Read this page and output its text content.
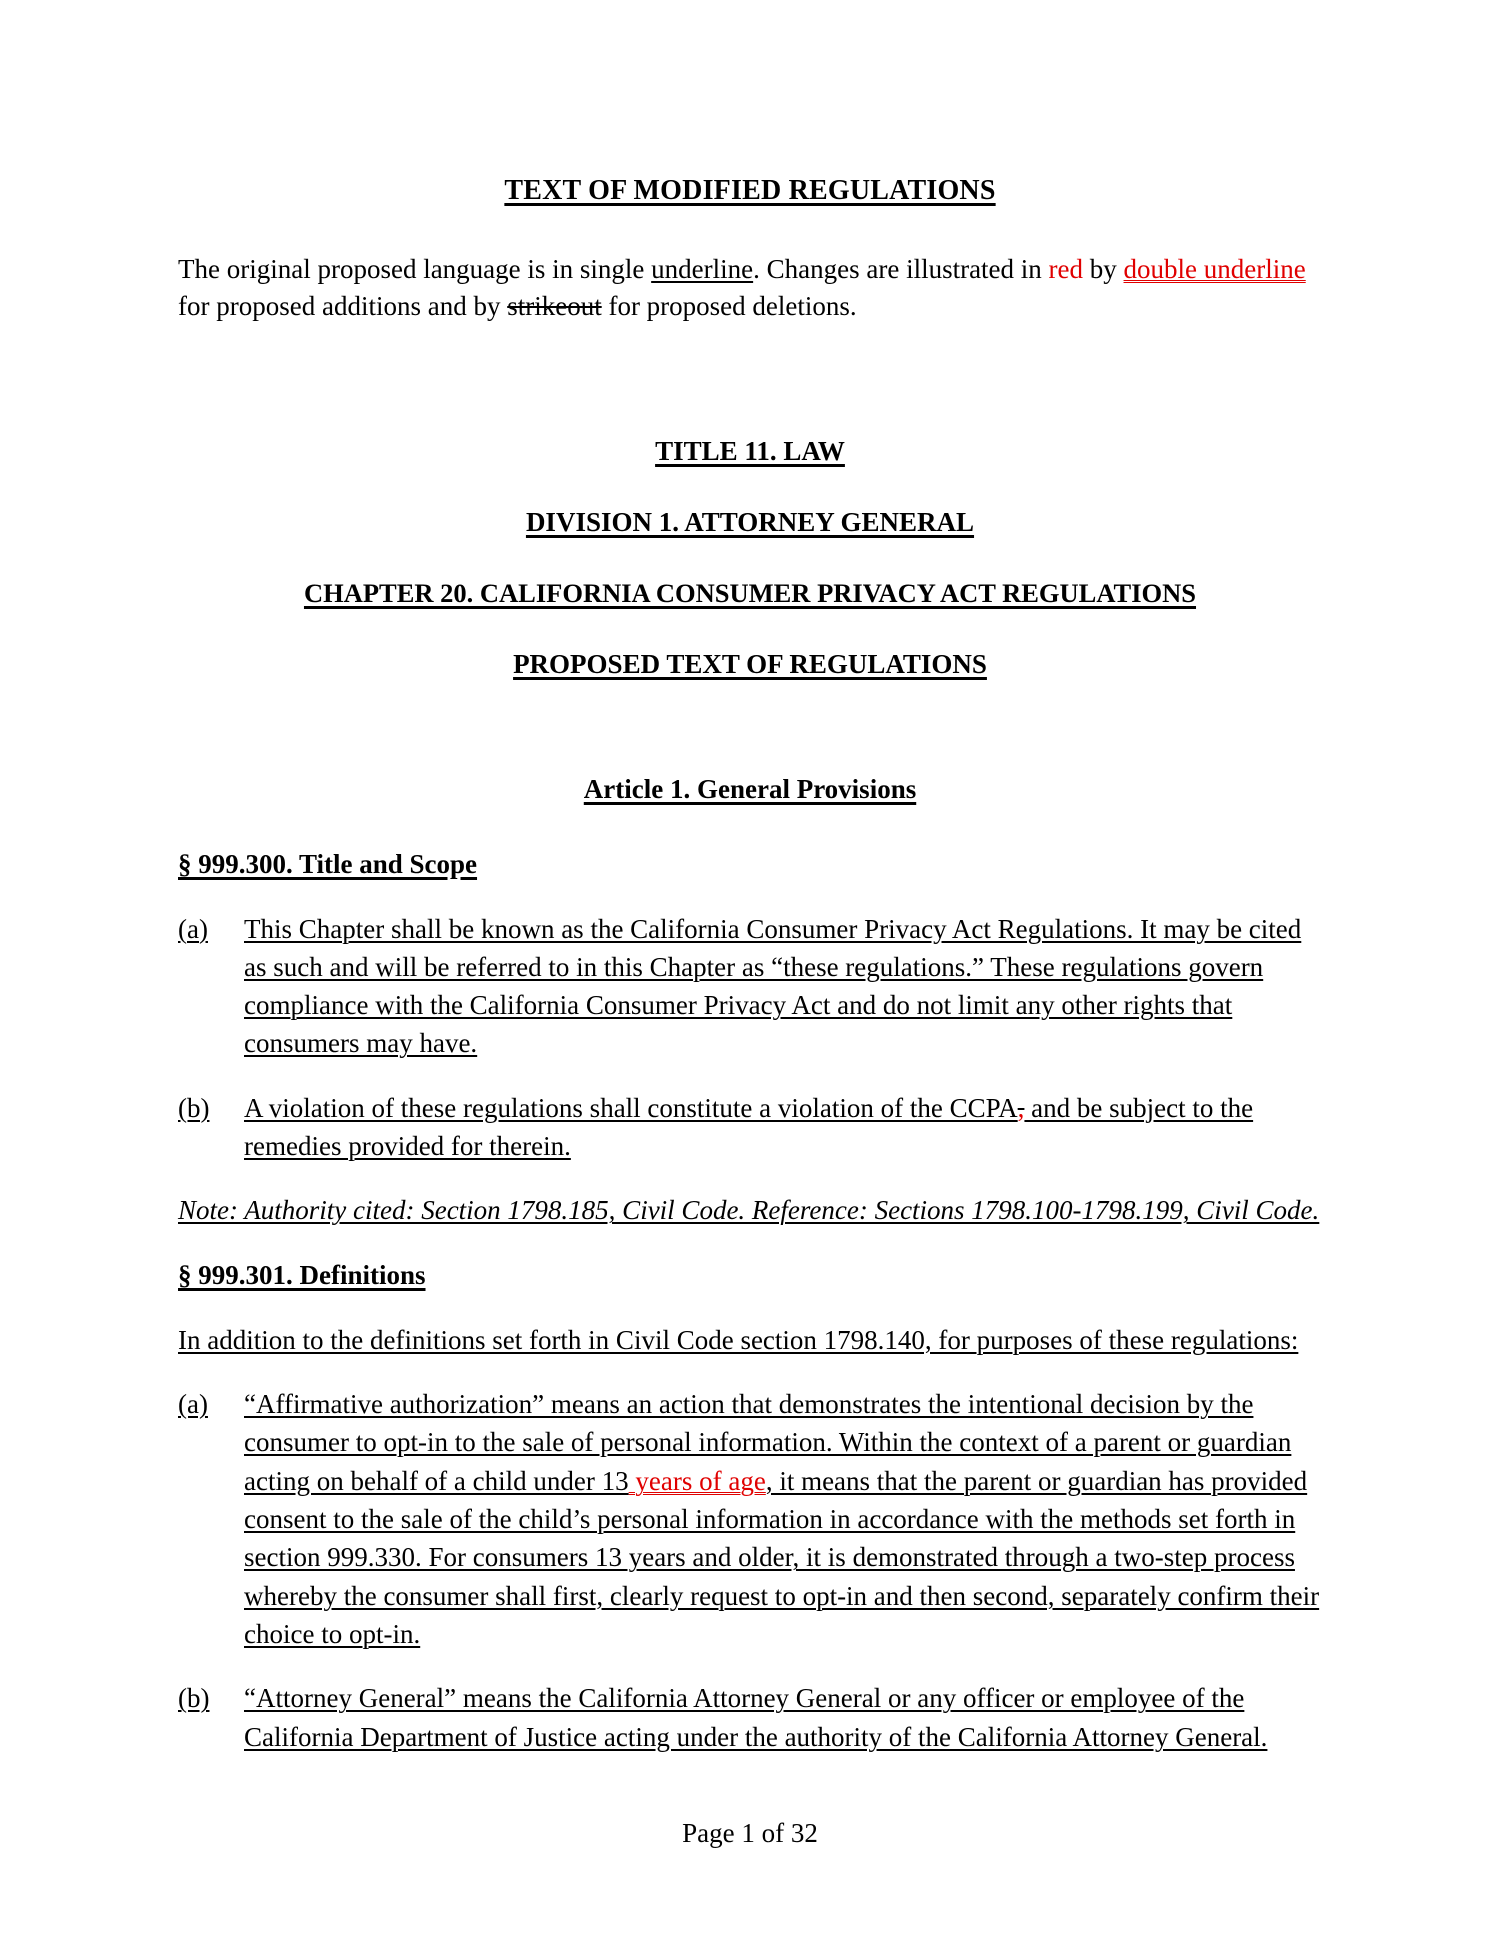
TEXT OF MODIFIED REGULATIONS

The original proposed language is in single underline. Changes are illustrated in red by double underline for proposed additions and by strikeout for proposed deletions.

TITLE 11. LAW
DIVISION 1. ATTORNEY GENERAL
CHAPTER 20. CALIFORNIA CONSUMER PRIVACY ACT REGULATIONS
PROPOSED TEXT OF REGULATIONS
Article 1. General Provisions
§ 999.300. Title and Scope

(a) This Chapter shall be known as the California Consumer Privacy Act Regulations. It may be cited as such and will be referred to in this Chapter as “these regulations.” These regulations govern compliance with the California Consumer Privacy Act and do not limit any other rights that consumers may have.

(b) A violation of these regulations shall constitute a violation of the CCPA, and be subject to the remedies provided for therein.

Note: Authority cited: Section 1798.185, Civil Code. Reference: Sections 1798.100-1798.199, Civil Code.

§ 999.301. Definitions

In addition to the definitions set forth in Civil Code section 1798.140, for purposes of these regulations:

(a) “Affirmative authorization” means an action that demonstrates the intentional decision by the consumer to opt-in to the sale of personal information. Within the context of a parent or guardian acting on behalf of a child under 13 years of age, it means that the parent or guardian has provided consent to the sale of the child’s personal information in accordance with the methods set forth in section 999.330. For consumers 13 years and older, it is demonstrated through a two-step process whereby the consumer shall first, clearly request to opt-in and then second, separately confirm their choice to opt-in.

(b) “Attorney General” means the California Attorney General or any officer or employee of the California Department of Justice acting under the authority of the California Attorney General.

Page 1 of 32
